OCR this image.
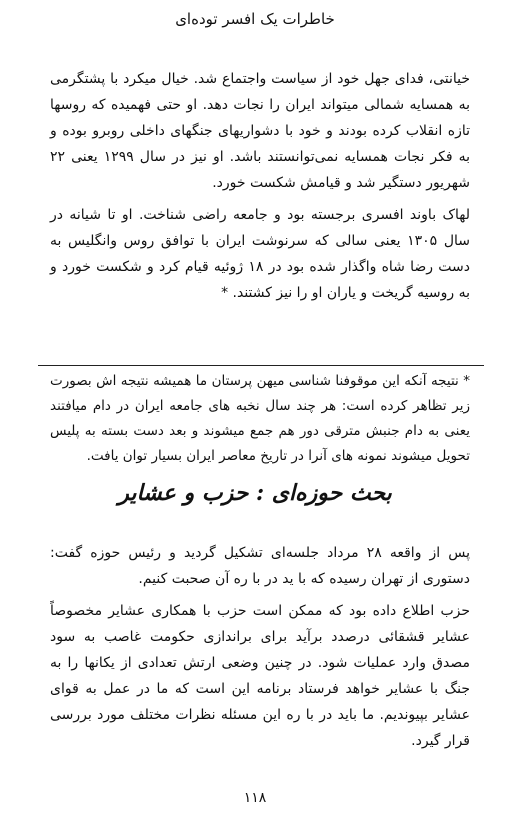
خاطرات یک افسر توده‌ای

خیانتی، فدای جهل خود از سیاست واجتماع شد. خیال میکرد با پشتگرمی به همسایه شمالی میتواند ایران را نجات دهد. او حتی فهمیده که روسها تازه انقلاب کرده بودند و خود با دشواریهای جنگهای داخلی روبرو بوده و به فکر نجات همسایه نمی‌توانستند باشد. او نیز در سال ۱۲۹۹ یعنی ۲۲ شهریور دستگیر شد و قیامش شکست خورد.

لهاک باوند افسری برجسته بود و جامعه راضی شناخت. او تا شیانه در سال ۱۳۰۵ یعنی سالی که سرنوشت ایران با توافق روس وانگلیس به دست رضا شاه واگذار شده بود در ۱۸ ژوئیه قیام کرد و شکست خورد و به روسیه گریخت و یاران او را نیز کشتند. *

* نتیجه آنکه این موقوفنا شناسی میهن پرستان ما همیشه نتیجه اش بصورت زیر تظاهر کرده است: هر چند سال نخبه های جامعه ایران در دام میافتند یعنی به دام جنبش مترقی دور هم جمع میشوند و بعد دست بسته به پلیس تحویل میشوند نمونه های آنرا در تاریخ معاصر ایران بسیار توان یافت.
بحث حوزه‌ای : حزب و عشایر

پس از واقعه ۲۸ مرداد جلسه‌ای تشکیل گردید و رئیس حوزه گفت: دستوری از تهران رسیده که با ید در با ره آن صحبت کنیم.

حزب اطلاع داده بود که ممکن است حزب با همکاری عشایر مخصوصاً عشایر قشقائی درصدد برآید برای براندازی حکومت غاصب به سود مصدق وارد عملیات شود. در چنین وضعی ارتش تعدادی از یکانها را به جنگ با عشایر خواهد فرستاد برنامه این است که ما در عمل به قوای عشایر بپیوندیم. ما باید در با ره این مسئله نظرات مختلف مورد بررسی قرار گیرد.

۱۱۸
